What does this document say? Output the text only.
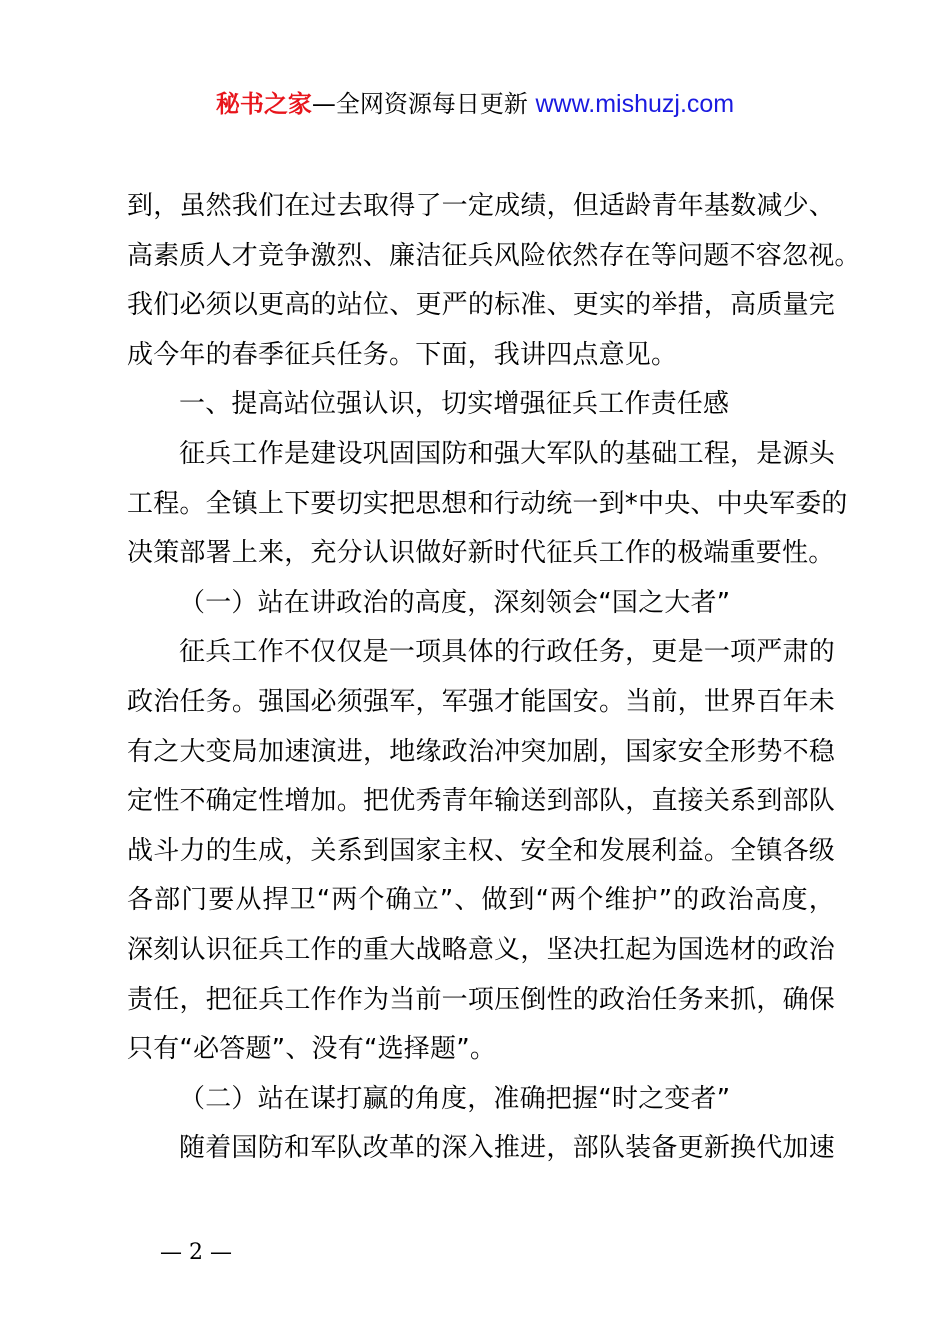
秘书之家—全网资源每日更新 www.mishuzj.com
到，虽然我们在过去取得了一定成绩，但适龄青年基数减少、
高素质人才竞争激烈、廉洁征兵风险依然存在等问题不容忽视。
我们必须以更高的站位、更严的标准、更实的举措，高质量完
成今年的春季征兵任务。下面，我讲四点意见。
一、提高站位强认识，切实增强征兵工作责任感
征兵工作是建设巩固国防和强大军队的基础工程，是源头
工程。全镇上下要切实把思想和行动统一到*中央、中央军委的
决策部署上来，充分认识做好新时代征兵工作的极端重要性。
（一）站在讲政治的高度，深刻领会“国之大者”
征兵工作不仅仅是一项具体的行政任务，更是一项严肃的
政治任务。强国必须强军，军强才能国安。当前，世界百年未
有之大变局加速演进，地缘政治冲突加剧，国家安全形势不稳
定性不确定性增加。把优秀青年输送到部队，直接关系到部队
战斗力的生成，关系到国家主权、安全和发展利益。全镇各级
各部门要从捍卫“两个确立”、做到“两个维护”的政治高度，
深刻认识征兵工作的重大战略意义，坚决扛起为国选材的政治
责任，把征兵工作作为当前一项压倒性的政治任务来抓，确保
只有“必答题”、没有“选择题”。
（二）站在谋打赢的角度，准确把握“时之变者”
随着国防和军队改革的深入推进，部队装备更新换代加速
— 2 —
